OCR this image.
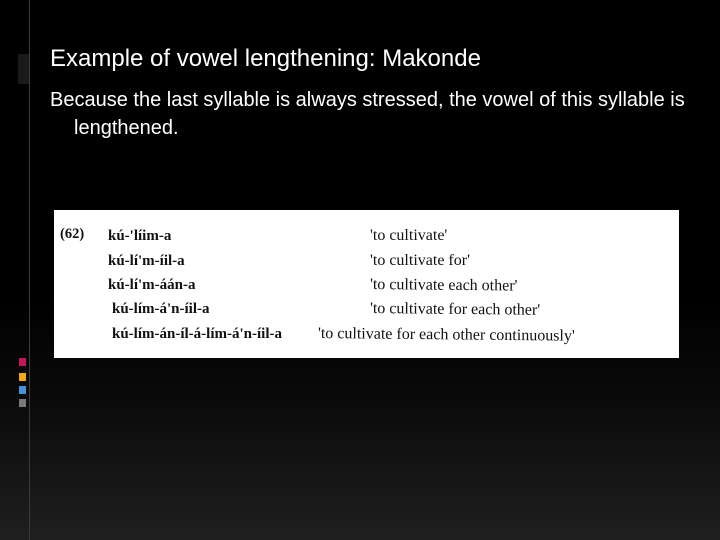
Example of vowel lengthening: Makonde
Because the last syllable is always stressed, the vowel of this syllable is lengthened.
(62) kú-'líim-a	'to cultivate'
kú-lí'm-íil-a	'to cultivate for'
kú-lí'm-áán-a	'to cultivate each other'
kú-lím-á'n-íil-a	'to cultivate for each other'
kú-lím-án-íl-á-lím-á'n-íil-a 'to cultivate for each other continuously'
